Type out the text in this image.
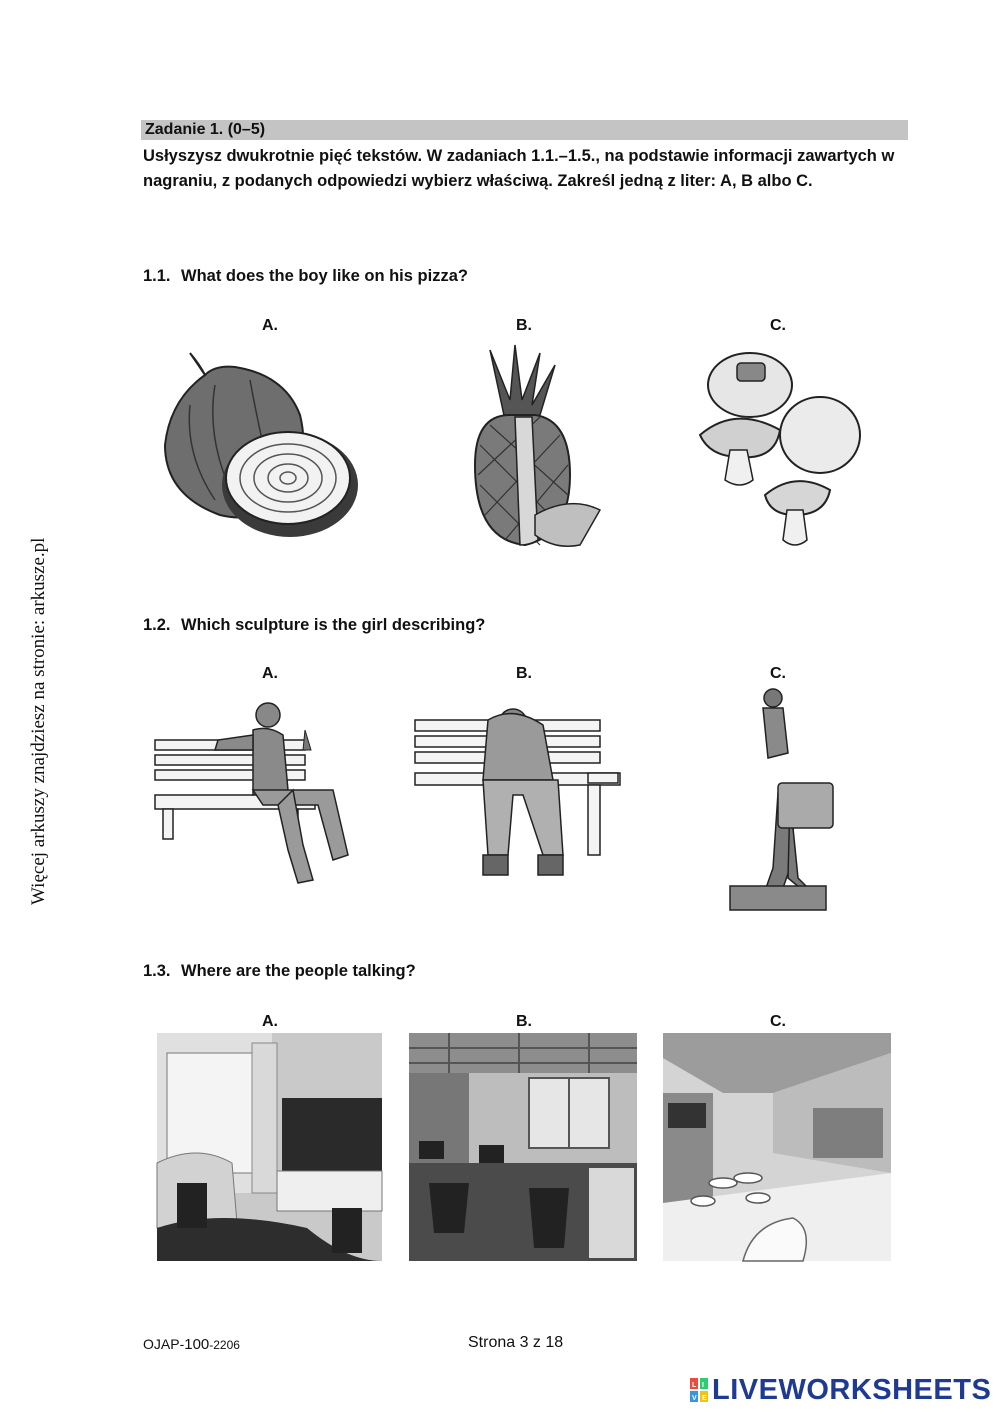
Zadanie 1. (0–5)
Usłyszysz dwukrotnie pięć tekstów. W zadaniach 1.1.–1.5., na podstawie informacji zawartych w nagraniu, z podanych odpowiedzi wybierz właściwą. Zakreśl jedną z liter: A, B albo C.
Więcej arkuszy znajdziesz na stronie: arkusze.pl
1.1. What does the boy like on his pizza?
A.	B.	C.
1.2. Which sculpture is the girl describing?
A.	B.	C.
1.3. Where are the people talking?
A.	B.	C.
OJAP-100-2206	Strona 3 z 18
L I
V E LIVEWORKSHEETS
